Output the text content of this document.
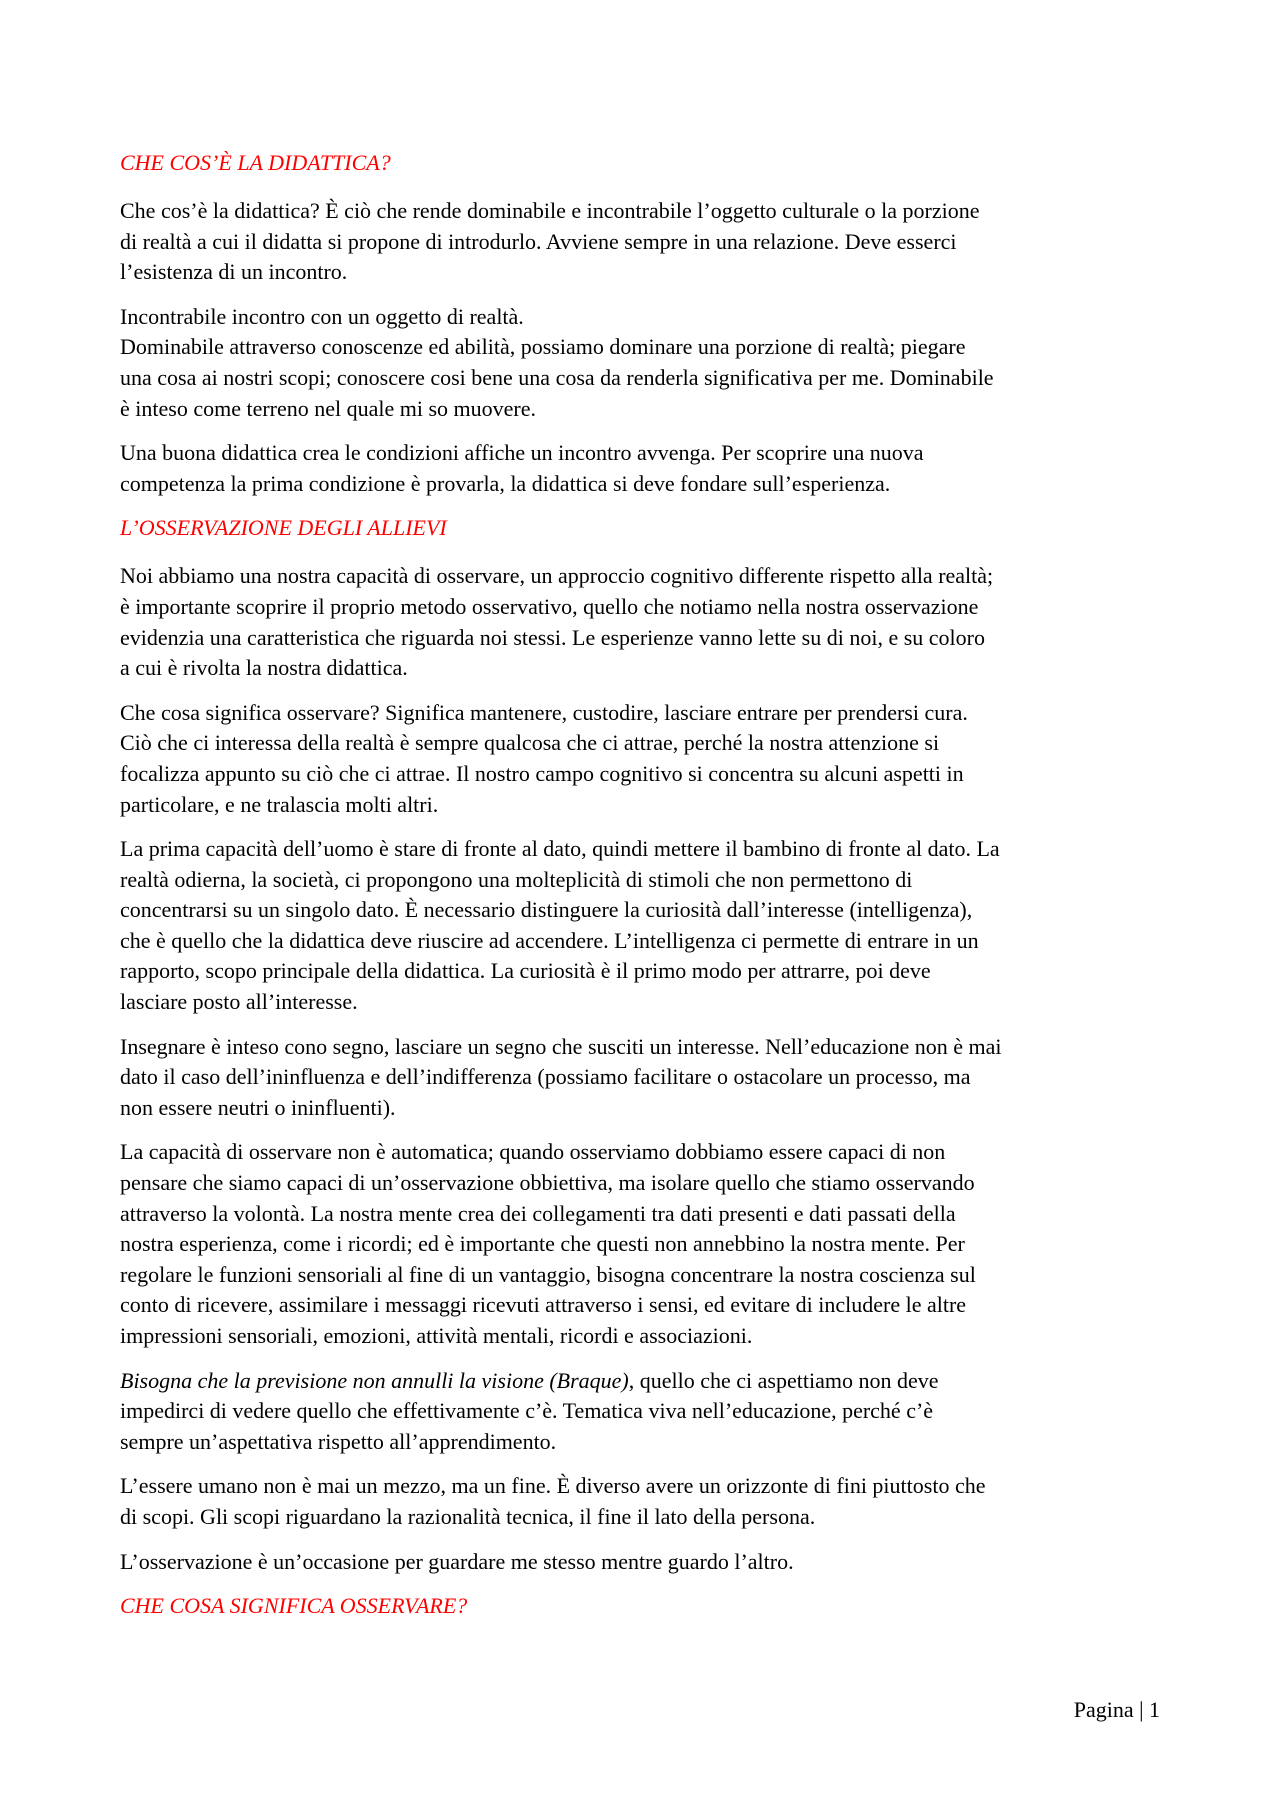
CHE COS’È LA DIDATTICA?
Che cos’è la didattica? È ciò che rende dominabile e incontrabile l’oggetto culturale o la porzione
di realtà a cui il didatta si propone di introdurlo. Avviene sempre in una relazione. Deve esserci
l’esistenza di un incontro.
Incontrabile incontro con un oggetto di realtà.
Dominabile attraverso conoscenze ed abilità, possiamo dominare una porzione di realtà; piegare
una cosa ai nostri scopi; conoscere cosi bene una cosa da renderla significativa per me. Dominabile
è inteso come terreno nel quale mi so muovere.
Una buona didattica crea le condizioni affiche un incontro avvenga. Per scoprire una nuova
competenza la prima condizione è provarla, la didattica si deve fondare sull’esperienza.
L’OSSERVAZIONE DEGLI ALLIEVI
Noi abbiamo una nostra capacità di osservare, un approccio cognitivo differente rispetto alla realtà;
è importante scoprire il proprio metodo osservativo, quello che notiamo nella nostra osservazione
evidenzia una caratteristica che riguarda noi stessi. Le esperienze vanno lette su di noi, e su coloro
a cui è rivolta la nostra didattica.
Che cosa significa osservare? Significa mantenere, custodire, lasciare entrare per prendersi cura.
Ciò che ci interessa della realtà è sempre qualcosa che ci attrae, perché la nostra attenzione si
focalizza appunto su ciò che ci attrae. Il nostro campo cognitivo si concentra su alcuni aspetti in
particolare, e ne tralascia molti altri.
La prima capacità dell’uomo è stare di fronte al dato, quindi mettere il bambino di fronte al dato. La
realtà odierna, la società, ci propongono una molteplicità di stimoli che non permettono di
concentrarsi su un singolo dato. È necessario distinguere la curiosità dall’interesse (intelligenza),
che è quello che la didattica deve riuscire ad accendere. L’intelligenza ci permette di entrare in un
rapporto, scopo principale della didattica. La curiosità è il primo modo per attrarre, poi deve
lasciare posto all’interesse.
Insegnare è inteso cono segno, lasciare un segno che susciti un interesse. Nell’educazione non è mai
dato il caso dell’ininfluenza e dell’indifferenza (possiamo facilitare o ostacolare un processo, ma
non essere neutri o ininfluenti).
La capacità di osservare non è automatica; quando osserviamo dobbiamo essere capaci di non
pensare che siamo capaci di un’osservazione obbiettiva, ma isolare quello che stiamo osservando
attraverso la volontà. La nostra mente crea dei collegamenti tra dati presenti e dati passati della
nostra esperienza, come i ricordi; ed è importante che questi non annebbino la nostra mente. Per
regolare le funzioni sensoriali al fine di un vantaggio, bisogna concentrare la nostra coscienza sul
conto di ricevere, assimilare i messaggi ricevuti attraverso i sensi, ed evitare di includere le altre
impressioni sensoriali, emozioni, attività mentali, ricordi e associazioni.
Bisogna che la previsione non annulli la visione (Braque), quello che ci aspettiamo non deve
impedirci di vedere quello che effettivamente c’è. Tematica viva nell’educazione, perché c’è
sempre un’aspettativa rispetto all’apprendimento.
L’essere umano non è mai un mezzo, ma un fine. È diverso avere un orizzonte di fini piuttosto che
di scopi. Gli scopi riguardano la razionalità tecnica, il fine il lato della persona.
L’osservazione è un’occasione per guardare me stesso mentre guardo l’altro.
CHE COSA SIGNIFICA OSSERVARE?
Pagina | 1
